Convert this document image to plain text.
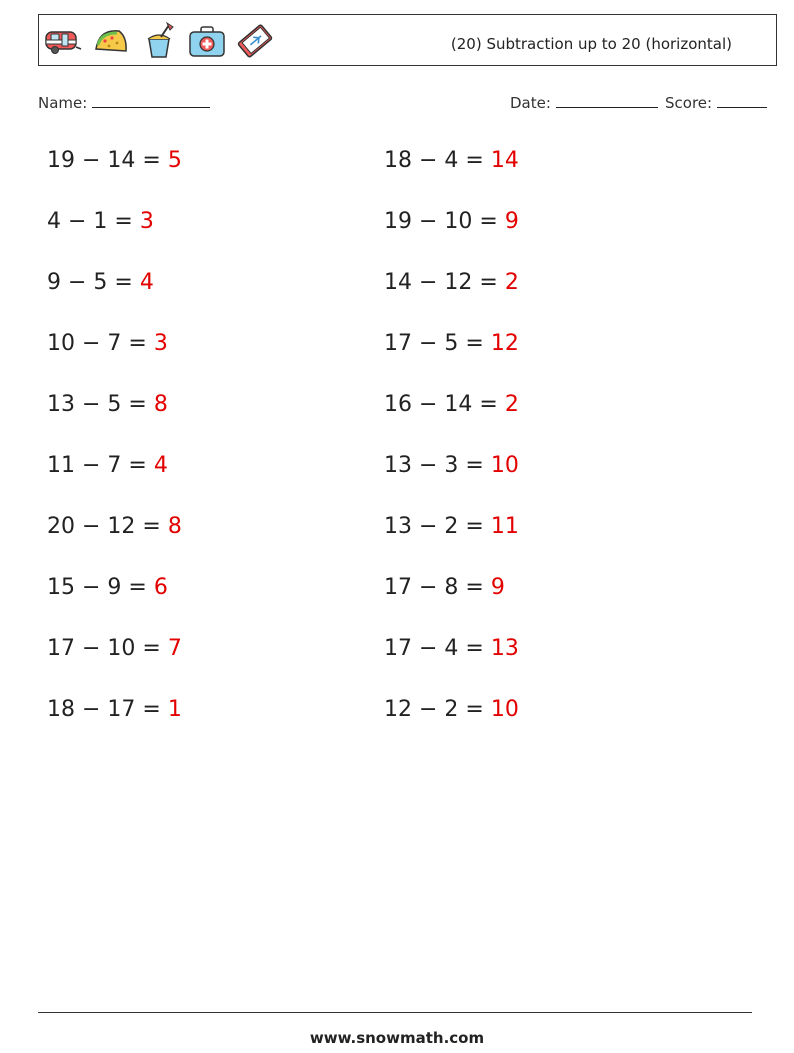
(20) Subtraction up to 20 (horizontal)
Name:	Date:	Score:
19 − 14 = 5	18 − 4 = 14
4 − 1 = 3	19 − 10 = 9
9 − 5 = 4	14 − 12 = 2
10 − 7 = 3	17 − 5 = 12
13 − 5 = 8	16 − 14 = 2
11 − 7 = 4	13 − 3 = 10
20 − 12 = 8	13 − 2 = 11
15 − 9 = 6	17 − 8 = 9
17 − 10 = 7	17 − 4 = 13
18 − 17 = 1	12 − 2 = 10
www.snowmath.com
